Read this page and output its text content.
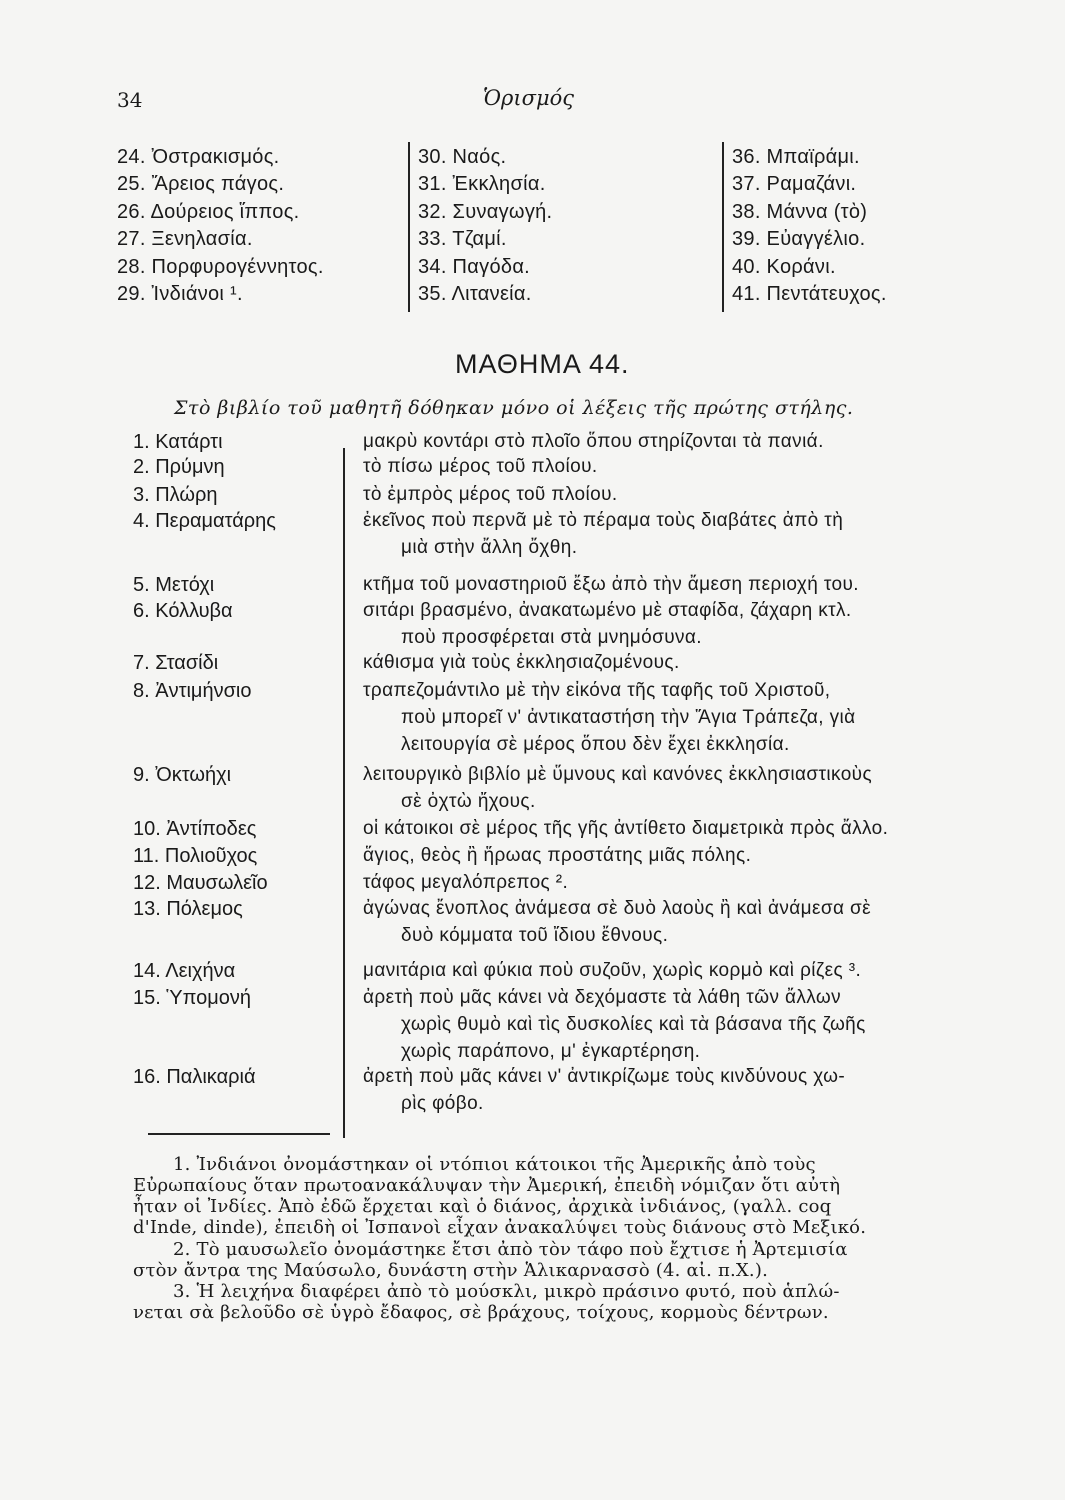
34	Ὁρισμός
24. Ὀστρακισμός.
25. Ἄρειος πάγος.
26. Δούρειος ἵππος.
27. Ξενηλασία.
28. Πορφυρογέννητος.
29. Ἰνδιάνοι ¹.
30. Ναός.
31. Ἐκκλησία.
32. Συναγωγή.
33. Τζαμί.
34. Παγόδα.
35. Λιτανεία.
36. Μπαϊράμι.
37. Ραμαζάνι.
38. Μάννα (τὸ)
39. Εὐαγγέλιο.
40. Κοράνι.
41. Πεντάτευχος.
ΜΑΘΗΜΑ 44.
Στὸ βιβλίο τοῦ μαθητῆ δόθηκαν μόνο οἱ λέξεις τῆς πρώτης στήλης.
1. Κατάρτι	μακρὺ κοντάρι στὸ πλοῖο ὅπου στηρίζονται τὰ πανιά.
2. Πρύμνη	τὸ πίσω μέρος τοῦ πλοίου.
3. Πλώρη	τὸ ἐμπρὸς μέρος τοῦ πλοίου.
4. Περαματάρης	ἐκεῖνος ποὺ περνᾶ μὲ τὸ πέραμα τοὺς διαβάτες ἀπὸ τὴ
μιὰ στὴν ἄλλη ὄχθη.
5. Μετόχι	κτῆμα τοῦ μοναστηριοῦ ἔξω ἀπὸ τὴν ἄμεση περιοχή του.
6. Κόλλυβα	σιτάρι βρασμένο, ἀνακατωμένο μὲ σταφίδα, ζάχαρη κτλ.
ποὺ προσφέρεται στὰ μνημόσυνα.
7. Στασίδι	κάθισμα γιὰ τοὺς ἐκκλησιαζομένους.
8. Ἀντιμήνσιο	τραπεζομάντιλο μὲ τὴν εἰκόνα τῆς ταφῆς τοῦ Χριστοῦ,
ποὺ μπορεῖ ν' ἀντικαταστήση τὴν Ἅγια Τράπεζα, γιὰ
λειτουργία σὲ μέρος ὅπου δὲν ἔχει ἐκκλησία.
9. Ὀκτωήχι	λειτουργικὸ βιβλίο μὲ ὕμνους καὶ κανόνες ἐκκλησιαστικοὺς
σὲ ὀχτὼ ἤχους.
10. Ἀντίποδες	οἱ κάτοικοι σὲ μέρος τῆς γῆς ἀντίθετο διαμετρικὰ πρὸς ἄλλο.
11. Πολιοῦχος	ἅγιος, θεὸς ἢ ἥρωας προστάτης μιᾶς πόλης.
12. Μαυσωλεῖο	τάφος μεγαλόπρεπος ².
13. Πόλεμος	ἀγώνας ἔνοπλος ἀνάμεσα σὲ δυὸ λαοὺς ἢ καὶ ἀνάμεσα σὲ
δυὸ κόμματα τοῦ ἴδιου ἔθνους.
14. Λειχήνα	μανιτάρια καὶ φύκια ποὺ συζοῦν, χωρὶς κορμὸ καὶ ρίζες ³.
15. Ὑπομονή	ἀρετὴ ποὺ μᾶς κάνει νὰ δεχόμαστε τὰ λάθη τῶν ἄλλων
χωρὶς θυμὸ καὶ τὶς δυσκολίες καὶ τὰ βάσανα τῆς ζωῆς
χωρὶς παράπονο, μ' ἐγκαρτέρηση.
16. Παλικαριά	ἀρετὴ ποὺ μᾶς κάνει ν' ἀντικρίζωμε τοὺς κινδύνους χω-
ρὶς φόβο.
1. Ἰνδιάνοι ὀνομάστηκαν οἱ ντόπιοι κάτοικοι τῆς Ἀμερικῆς ἀπὸ τοὺς
Εὐρωπαίους ὅταν πρωτοανακάλυψαν τὴν Ἀμερική, ἐπειδὴ νόμιζαν ὅτι αὐτὴ
ἦταν οἱ Ἰνδίες. Ἀπὸ ἐδῶ ἔρχεται καὶ ὁ διάνος, ἀρχικὰ ἰνδιάνος, (γαλλ. coq
d'Inde, dinde), ἐπειδὴ οἱ Ἰσπανοὶ εἶχαν ἀνακαλύψει τοὺς διάνους στὸ Μεξικό.
2. Τὸ μαυσωλεῖο ὀνομάστηκε ἔτσι ἀπὸ τὸν τάφο ποὺ ἔχτισε ἡ Ἀρτεμισία
στὸν ἄντρα της Μαύσωλο, δυνάστη στὴν Ἁλικαρνασσὸ (4. αἰ. π.Χ.).
3. Ἡ λειχήνα διαφέρει ἀπὸ τὸ μούσκλι, μικρὸ πράσινο φυτό, ποὺ ἁπλώ-
νεται σὰ βελοῦδο σὲ ὑγρὸ ἔδαφος, σὲ βράχους, τοίχους, κορμοὺς δέντρων.
